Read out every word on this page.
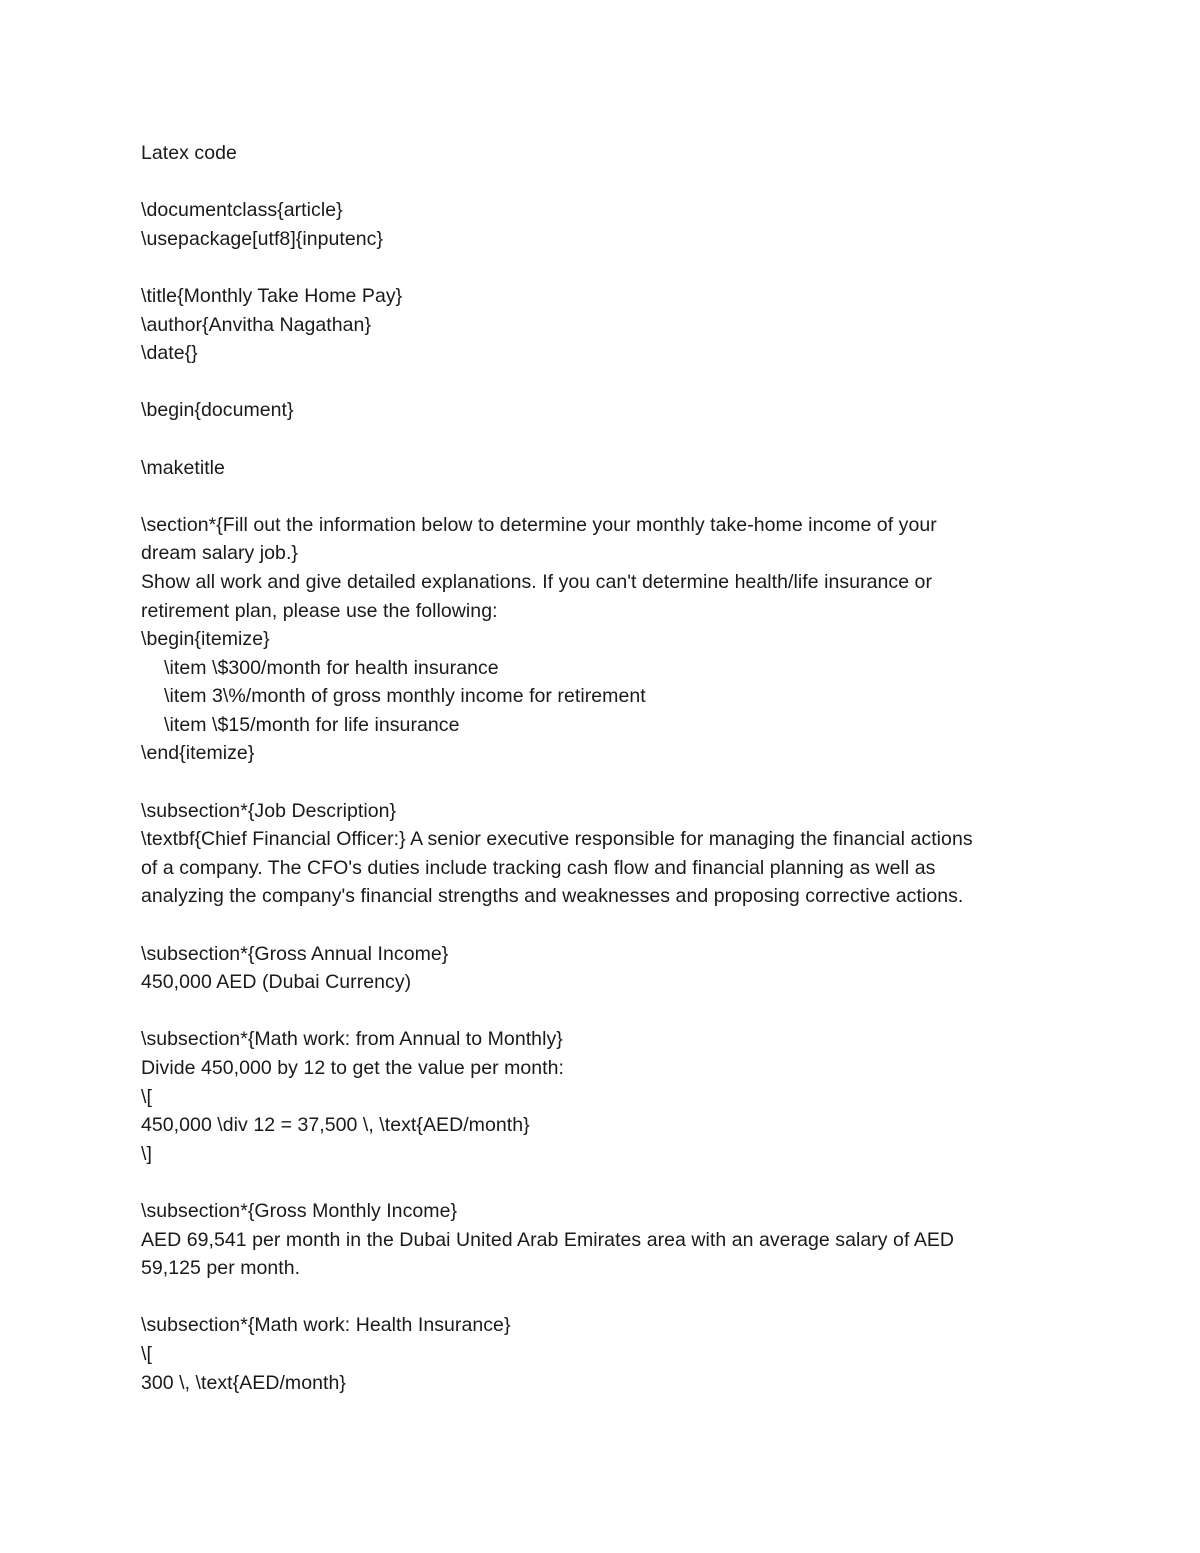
Latex code
\documentclass{article}
\usepackage[utf8]{inputenc}
\title{Monthly Take Home Pay}
\author{Anvitha Nagathan}
\date{}
\begin{document}
\maketitle
\section*{Fill out the information below to determine your monthly take-home income of your
dream salary job.}
Show all work and give detailed explanations. If you can't determine health/life insurance or
retirement plan, please use the following:
\begin{itemize}
\item \$300/month for health insurance
\item 3\%/month of gross monthly income for retirement
\item \$15/month for life insurance
\end{itemize}
\subsection*{Job Description}
\textbf{Chief Financial Officer:} A senior executive responsible for managing the financial actions
of a company. The CFO's duties include tracking cash flow and financial planning as well as
analyzing the company's financial strengths and weaknesses and proposing corrective actions.
\subsection*{Gross Annual Income}
450,000 AED (Dubai Currency)
\subsection*{Math work: from Annual to Monthly}
Divide 450,000 by 12 to get the value per month:
\[
450,000 \div 12 = 37,500 \, \text{AED/month}
\]
\subsection*{Gross Monthly Income}
AED 69,541 per month in the Dubai United Arab Emirates area with an average salary of AED
59,125 per month.
\subsection*{Math work: Health Insurance}
\[
300 \, \text{AED/month}
